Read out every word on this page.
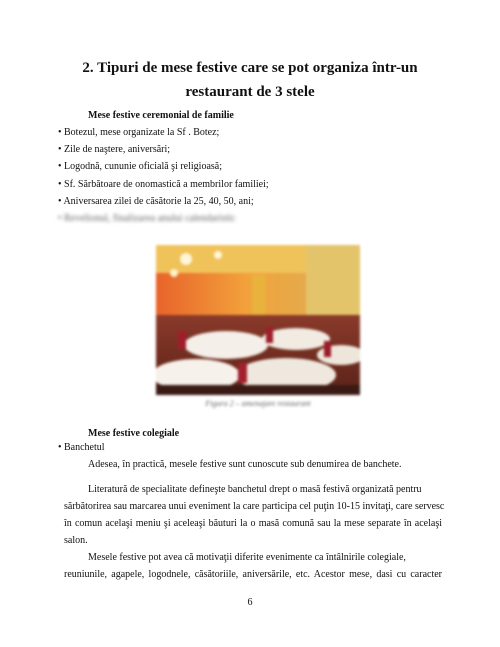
2. Tipuri de mese festive care se pot organiza într-un restaurant de 3 stele
Mese festive ceremonial de familie
• Botezul, mese organizate la Sf . Botez;
• Zile de naştere, aniversări;
• Logodnă, cununie oficială şi religioasă;
• Sf. Sărbătoare de onomastică a membrilor familiei;
• Aniversarea zilei de căsătorie la 25, 40, 50, ani;
• Revelionul, finalizarea anului calendaristic
Figura 2 – amenajare restaurant
Mese festive colegiale
• Banchetul
Adesea, în practică, mesele festive sunt cunoscute sub denumirea de banchete.
Literatură de specialitate defineşte banchetul drept o masă festivă organizată pentru
sărbătorirea sau marcarea unui eveniment la care participa cel puţin 10-15 invitaţi, care servesc
în comun acelaşi meniu şi aceleaşi băuturi la o masă comună sau la mese separate în acelaşi
salon.
Mesele festive pot avea că motivaţii diferite evenimente ca întâlnirile colegiale,
reuniunile, agapele, logodnele, căsătoriile, aniversările, etc. Acestor mese, dasi cu caracter
6
